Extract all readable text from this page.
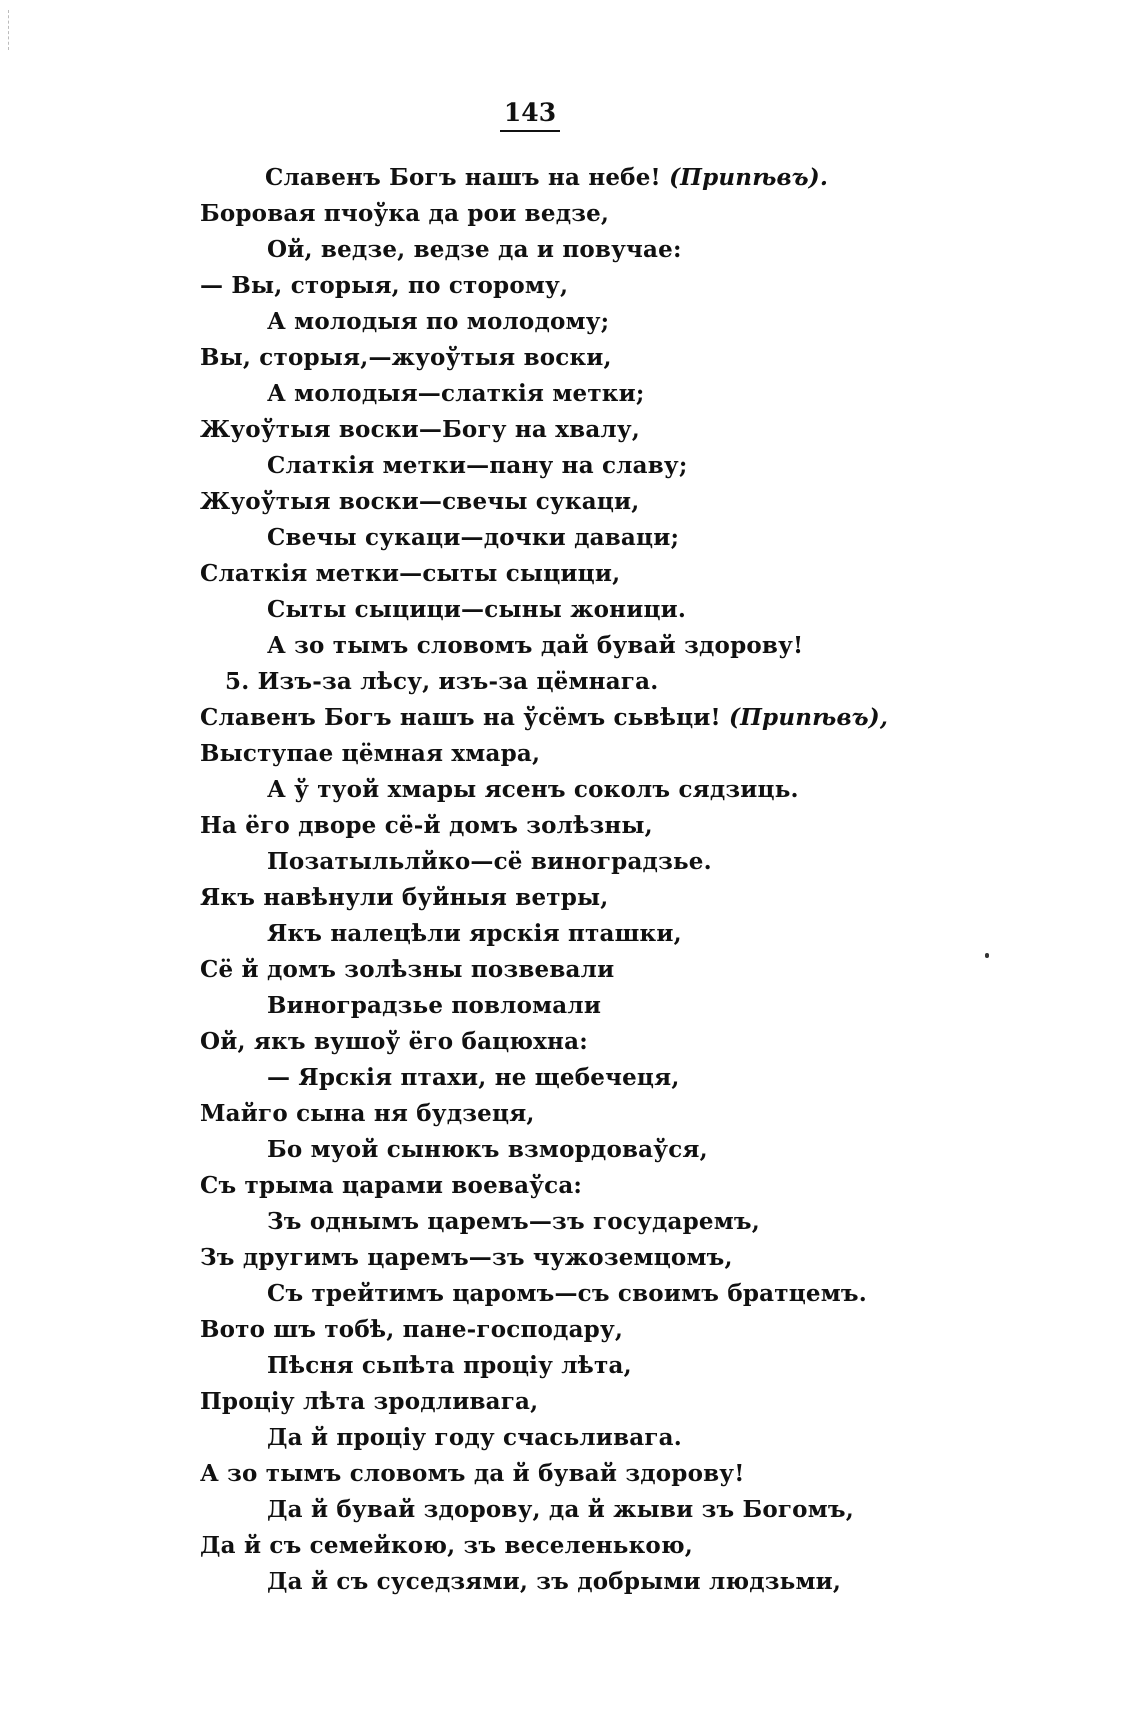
143
Славенъ Богъ нашъ на небе! (Припѣвъ).
Боровая пчоўка да рои ведзе,
Ой, ведзе, ведзе да и повучае:
— Вы, сторыя, по сторому,
А молодыя по молодому;
Вы, сторыя,—жуоўтыя воски,
А молодыя—слаткія метки;
Жуоўтыя воски—Богу на хвалу,
Слаткія метки—пану на славу;
Жуоўтыя воски—свечы сукаци,
Свечы сукаци—дочки даваци;
Слаткія метки—сыты сыцици,
Сыты сыцици—сыны жоници.
А зо тымъ словомъ дай бувай здорову!
5. Изъ-за лѣсу, изъ-за цёмнага.
Славенъ Богъ нашъ на ўсёмъ сьвѣци! (Припѣвъ),
Выступае цёмная хмара,
А ў туой хмары ясенъ соколъ сядзиць.
На ёго дворе сё-й домъ золѣзны,
Позатыльлйко—сё виноградзье.
Якъ навѣнули буйныя ветры,
Якъ налецѣли ярскія пташки,
Сё й домъ золѣзны позвевали
Виноградзье повломали
Ой, якъ вушоў ёго бацюхна:
— Ярскія птахи, не щебечеця,
Майго сына ня будзеця,
Бо муой сынюкъ взмордоваўся,
Съ трыма царами воеваўса:
Зъ однымъ царемъ—зъ государемъ,
Зъ другимъ царемъ—зъ чужоземцомъ,
Съ трейтимъ царомъ—съ своимъ братцемъ.
Вото шъ тобѣ, пане-господару,
Пѣсня сьпѣта процiу лѣта,
Процiу лѣта зродливага,
Да й процiу году счасьливага.
А зо тымъ словомъ да й бувай здорову!
Да й бувай здорову, да й жыви зъ Богомъ,
Да й съ семейкою, зъ веселенькою,
Да й съ суседзями, зъ добрыми людзьми,
